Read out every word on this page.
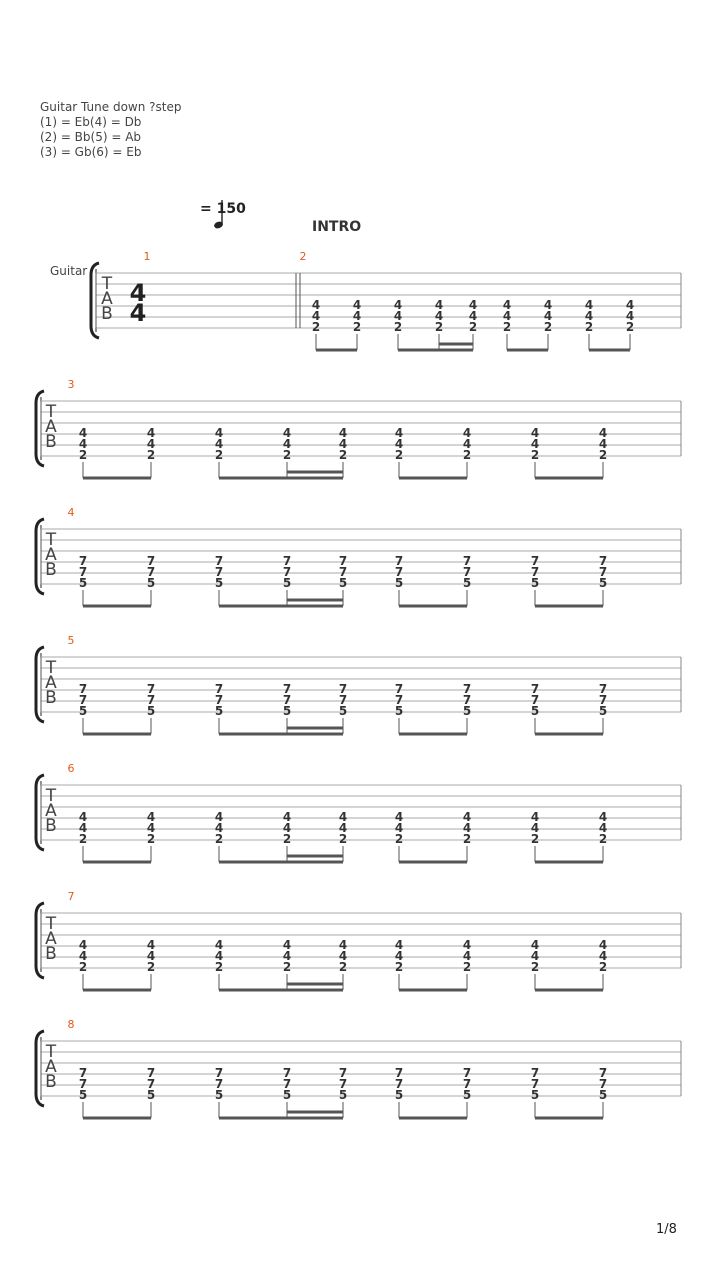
Guitar Tune down ?step
(1) = Eb(4) = Db
(2) = Bb(5) = Ab
(3) = Gb(6) = Eb
= 150
INTRO
Guitar
T
A
B
4
4
1	2
4
4
2
4
4
2
4
4
2
4
4
2
4
4
2
4
4
2
4
4
2
4
4
2
4
4
2
T
A
B
3
4
4
2
4
4
2
4
4
2
4
4
2
4
4
2
4
4
2
4
4
2
4
4
2
4
4
2
T
A
B
4
7
7
5
7
7
5
7
7
5
7
7
5
7
7
5
7
7
5
7
7
5
7
7
5
7
7
5
T
A
B
5
7
7
5
7
7
5
7
7
5
7
7
5
7
7
5
7
7
5
7
7
5
7
7
5
7
7
5
T
A
B
6
4
4
2
4
4
2
4
4
2
4
4
2
4
4
2
4
4
2
4
4
2
4
4
2
4
4
2
T
A
B
7
4
4
2
4
4
2
4
4
2
4
4
2
4
4
2
4
4
2
4
4
2
4
4
2
4
4
2
T
A
B
8
7
7
5
7
7
5
7
7
5
7
7
5
7
7
5
7
7
5
7
7
5
7
7
5
7
7
5
1/8
